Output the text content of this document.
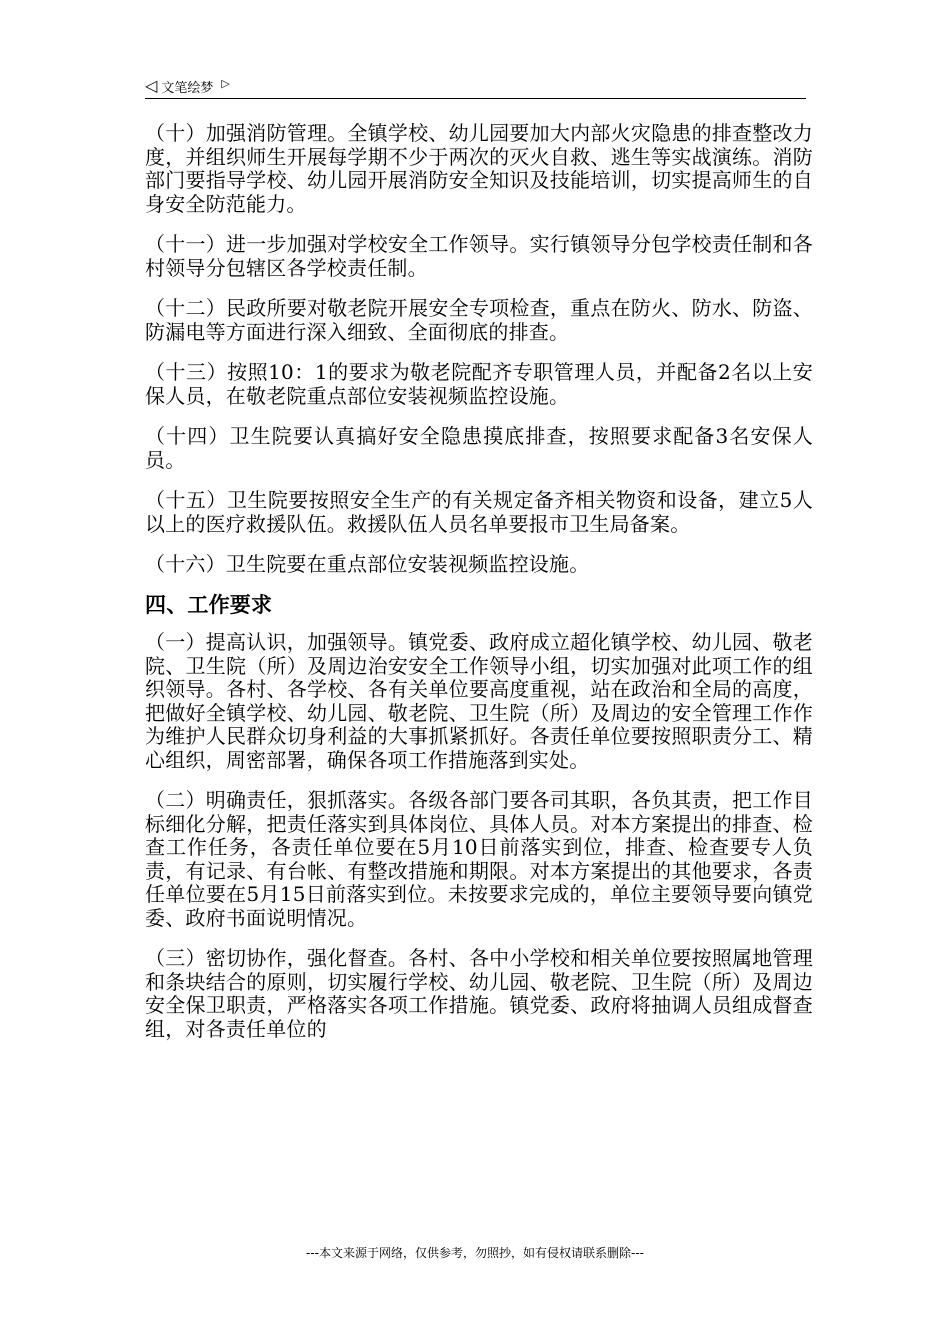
◁ 文笔绘梦 ▷

（十）加强消防管理。全镇学校、幼儿园要加大内部火灾隐患的排查整改力度，并组织师生开展每学期不少于两次的灭火自救、逃生等实战演练。消防部门要指导学校、幼儿园开展消防安全知识及技能培训，切实提高师生的自身安全防范能力。

（十一）进一步加强对学校安全工作领导。实行镇领导分包学校责任制和各村领导分包辖区各学校责任制。

（十二）民政所要对敬老院开展安全专项检查，重点在防火、防水、防盗、防漏电等方面进行深入细致、全面彻底的排查。

（十三）按照10：1的要求为敬老院配齐专职管理人员，并配备2名以上安保人员，在敬老院重点部位安装视频监控设施。

（十四）卫生院要认真搞好安全隐患摸底排查，按照要求配备3名安保人员。

（十五）卫生院要按照安全生产的有关规定备齐相关物资和设备，建立5人以上的医疗救援队伍。救援队伍人员名单要报市卫生局备案。

（十六）卫生院要在重点部位安装视频监控设施。

四、工作要求

（一）提高认识，加强领导。镇党委、政府成立超化镇学校、幼儿园、敬老院、卫生院（所）及周边治安安全工作领导小组，切实加强对此项工作的组织领导。各村、各学校、各有关单位要高度重视，站在政治和全局的高度，把做好全镇学校、幼儿园、敬老院、卫生院（所）及周边的安全管理工作作为维护人民群众切身利益的大事抓紧抓好。各责任单位要按照职责分工、精心组织，周密部署，确保各项工作措施落到实处。

（二）明确责任，狠抓落实。各级各部门要各司其职，各负其责，把工作目标细化分解，把责任落实到具体岗位、具体人员。对本方案提出的排查、检查工作任务，各责任单位要在5月10日前落实到位，排查、检查要专人负责，有记录、有台帐、有整改措施和期限。对本方案提出的其他要求，各责任单位要在5月15日前落实到位。未按要求完成的，单位主要领导要向镇党委、政府书面说明情况。

（三）密切协作，强化督查。各村、各中小学校和相关单位要按照属地管理和条块结合的原则，切实履行学校、幼儿园、敬老院、卫生院（所）及周边安全保卫职责，严格落实各项工作措施。镇党委、政府将抽调人员组成督查组，对各责任单位的

---本文来源于网络，仅供参考，勿照抄，如有侵权请联系删除---
